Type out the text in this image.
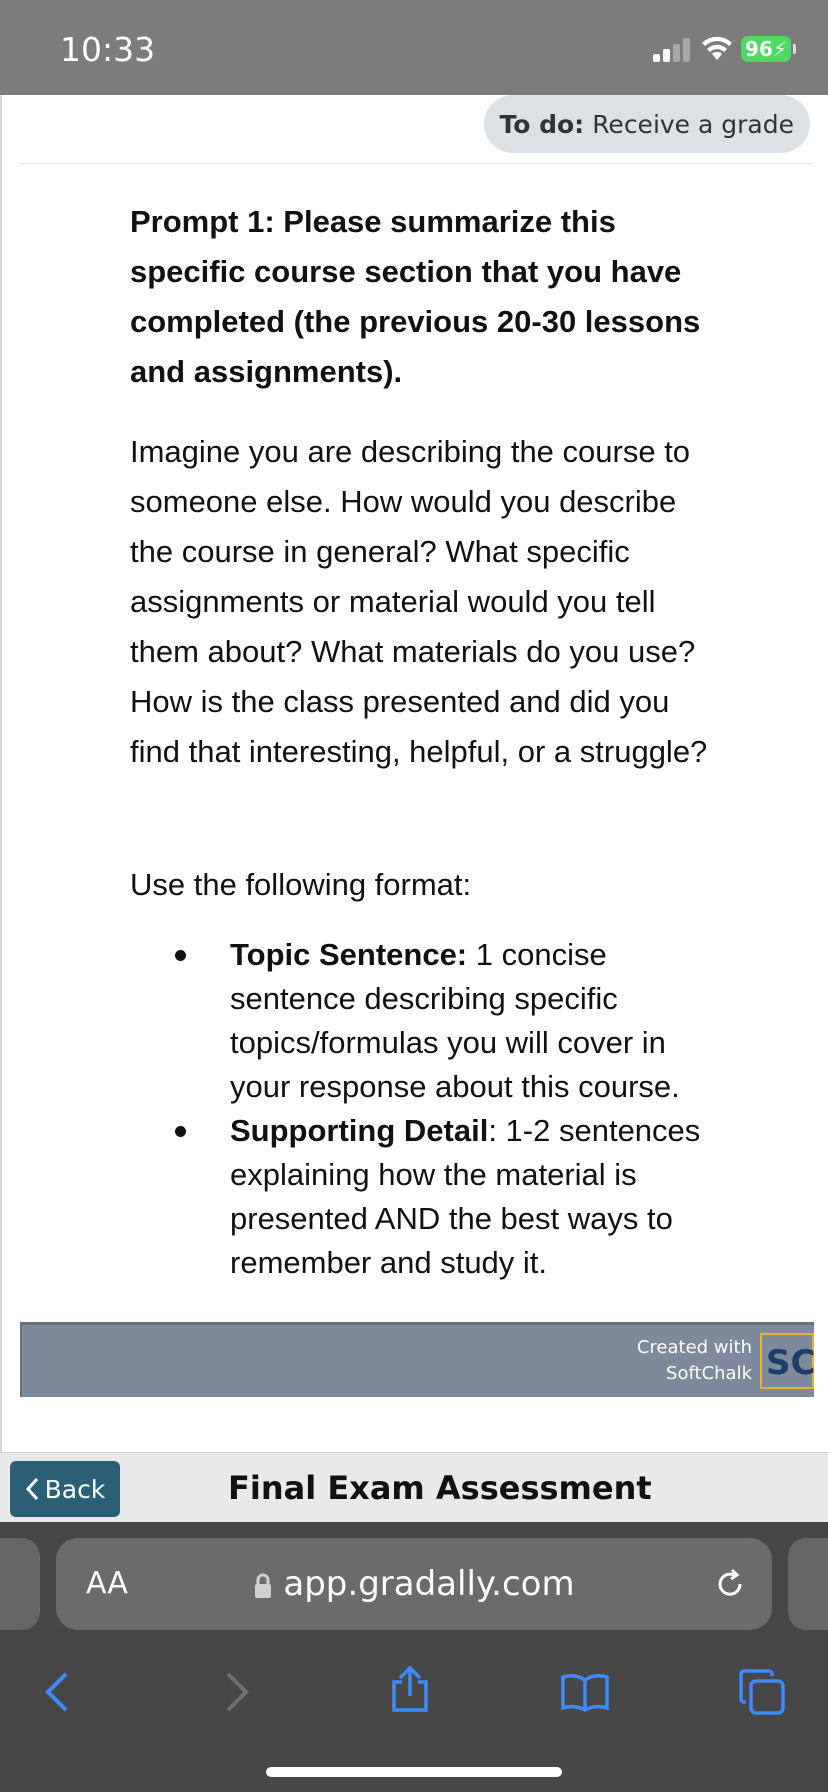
10:33	96⚡
To do: Receive a grade

Prompt 1: Please summarize this specific course section that you have completed (the previous 20-30 lessons and assignments).

Imagine you are describing the course to someone else. How would you describe the course in general? What specific assignments or material would you tell them about? What materials do you use? How is the class presented and did you find that interesting, helpful, or a struggle?

Use the following format:

Topic Sentence: 1 concise sentence describing specific topics/formulas you will cover in your response about this course.
Supporting Detail: 1-2 sentences explaining how the material is presented AND the best ways to remember and study it.
Created with
SoftChalk SC
Back	Final Exam Assessment
AA	app.gradally.com
